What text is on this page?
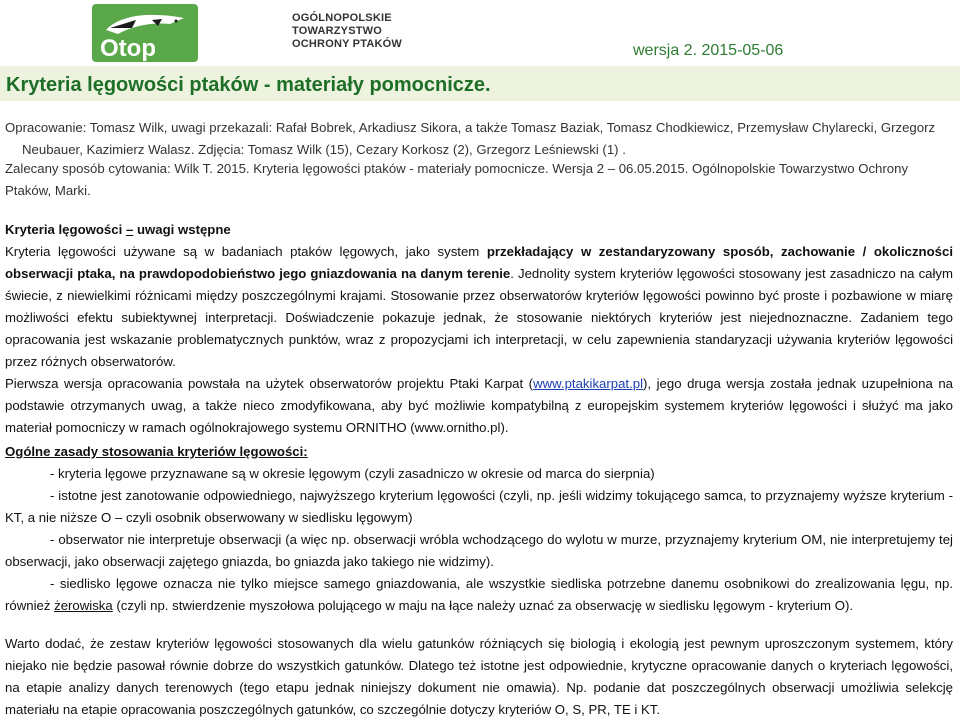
Otop
OGÓLNOPOLSKIE
TOWARZYSTWO
OCHRONY PTAKÓW	wersja 2. 2015-05-06
Kryteria lęgowości ptaków - materiały pomocnicze.
Opracowanie: Tomasz Wilk, uwagi przekazali: Rafał Bobrek, Arkadiusz Sikora, a także Tomasz Baziak, Tomasz Chodkiewicz, Przemysław Chylarecki, Grzegorz
Neubauer, Kazimierz Walasz. Zdjęcia: Tomasz Wilk (15), Cezary Korkosz (2), Grzegorz Leśniewski (1) .
Zalecany sposób cytowania: Wilk T. 2015. Kryteria lęgowości ptaków - materiały pomocnicze. Wersja 2 – 06.05.2015. Ogólnopolskie Towarzystwo Ochrony Ptaków, Marki.
Kryteria lęgowości – uwagi wstępne
Kryteria lęgowości używane są w badaniach ptaków lęgowych, jako system przekładający w zestandaryzowany sposób, zachowanie / okoliczności obserwacji ptaka, na prawdopodobieństwo jego gniazdowania na danym terenie. Jednolity system kryteriów lęgowości stosowany jest zasadniczo na całym świecie, z niewielkimi różnicami między poszczególnymi krajami. Stosowanie przez obserwatorów kryteriów lęgowości powinno być proste i pozbawione w miarę możliwości efektu subiektywnej interpretacji. Doświadczenie pokazuje jednak, że stosowanie niektórych kryteriów jest niejednoznaczne. Zadaniem tego opracowania jest wskazanie problematycznych punktów, wraz z propozycjami ich interpretacji, w celu zapewnienia standaryzacji używania kryteriów lęgowości przez różnych obserwatorów.
Pierwsza wersja opracowania powstała na użytek obserwatorów projektu Ptaki Karpat (www.ptakikarpat.pl), jego druga wersja została jednak uzupełniona na podstawie otrzymanych uwag, a także nieco zmodyfikowana, aby być możliwie kompatybilną z europejskim systemem kryteriów lęgowości i służyć ma jako materiał pomocniczy w ramach ogólnokrajowego systemu ORNITHO (www.ornitho.pl).
Ogólne zasady stosowania kryteriów lęgowości:
- kryteria lęgowe przyznawane są w okresie lęgowym (czyli zasadniczo w okresie od marca do sierpnia)
- istotne jest zanotowanie odpowiedniego, najwyższego kryterium lęgowości (czyli, np. jeśli widzimy tokującego samca, to przyznajemy wyższe kryterium - KT, a nie niższe O – czyli osobnik obserwowany w siedlisku lęgowym)
- obserwator nie interpretuje obserwacji (a więc np. obserwacji wróbla wchodzącego do wylotu w murze, przyznajemy kryterium OM, nie interpretujemy tej obserwacji, jako obserwacji zajętego gniazda, bo gniazda jako takiego nie widzimy).
- siedlisko lęgowe oznacza nie tylko miejsce samego gniazdowania, ale wszystkie siedliska potrzebne danemu osobnikowi do zrealizowania lęgu, np. również żerowiska (czyli np. stwierdzenie myszołowa polującego w maju na łące należy uznać za obserwację w siedlisku lęgowym - kryterium O).
Warto dodać, że zestaw kryteriów lęgowości stosowanych dla wielu gatunków różniących się biologią i ekologią jest pewnym uproszczonym systemem, który niejako nie będzie pasował równie dobrze do wszystkich gatunków. Dlatego też istotne jest odpowiednie, krytyczne opracowanie danych o kryteriach lęgowości, na etapie analizy danych terenowych (tego etapu jednak niniejszy dokument nie omawia). Np. podanie dat poszczególnych obserwacji umożliwia selekcję materiału na etapie opracowania poszczególnych gatunków, co szczególnie dotyczy kryteriów O, S, PR, TE i KT.
